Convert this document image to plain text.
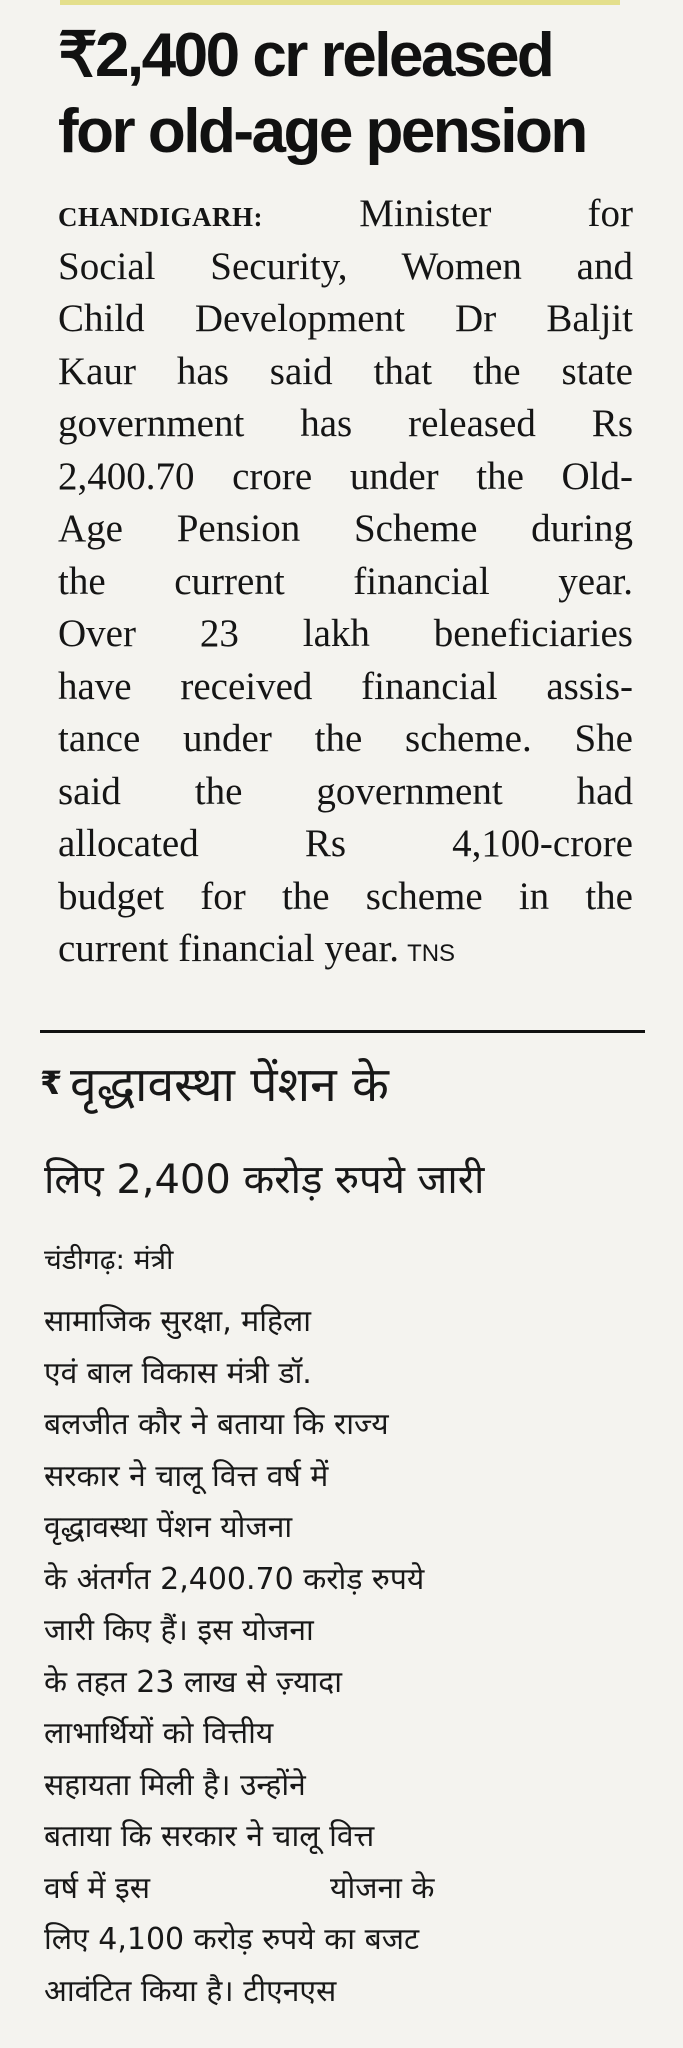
₹2,400 cr released
for old-age pension
CHANDIGARH: Minister for
Social Security, Women and
Child Development Dr Baljit
Kaur has said that the state
government has released Rs
2,400.70 crore under the Old-
Age Pension Scheme during
the current financial year.
Over 23 lakh beneficiaries
have received financial assis-
tance under the scheme. She
said the government had
allocated Rs 4,100-crore
budget for the scheme in the
current financial year. TNS
₹ वृद्धावस्था पेंशन के
लिए 2,400 करोड़ रुपये जारी
चंडीगढ़: मंत्री
सामाजिक सुरक्षा, महिला
एवं बाल विकास मंत्री डॉ.
बलजीत कौर ने बताया कि राज्य
सरकार ने चालू वित्त वर्ष में
वृद्धावस्था पेंशन योजना
के अंतर्गत 2,400.70 करोड़ रुपये
जारी किए हैं। इस योजना
के तहत 23 लाख से ज़्यादा
लाभार्थियों को वित्तीय
सहायता मिली है। उन्होंने
बताया कि सरकार ने चालू वित्त
वर्ष में इस	योजना के
लिए 4,100 करोड़ रुपये का बजट
आवंटित किया है। टीएनएस
